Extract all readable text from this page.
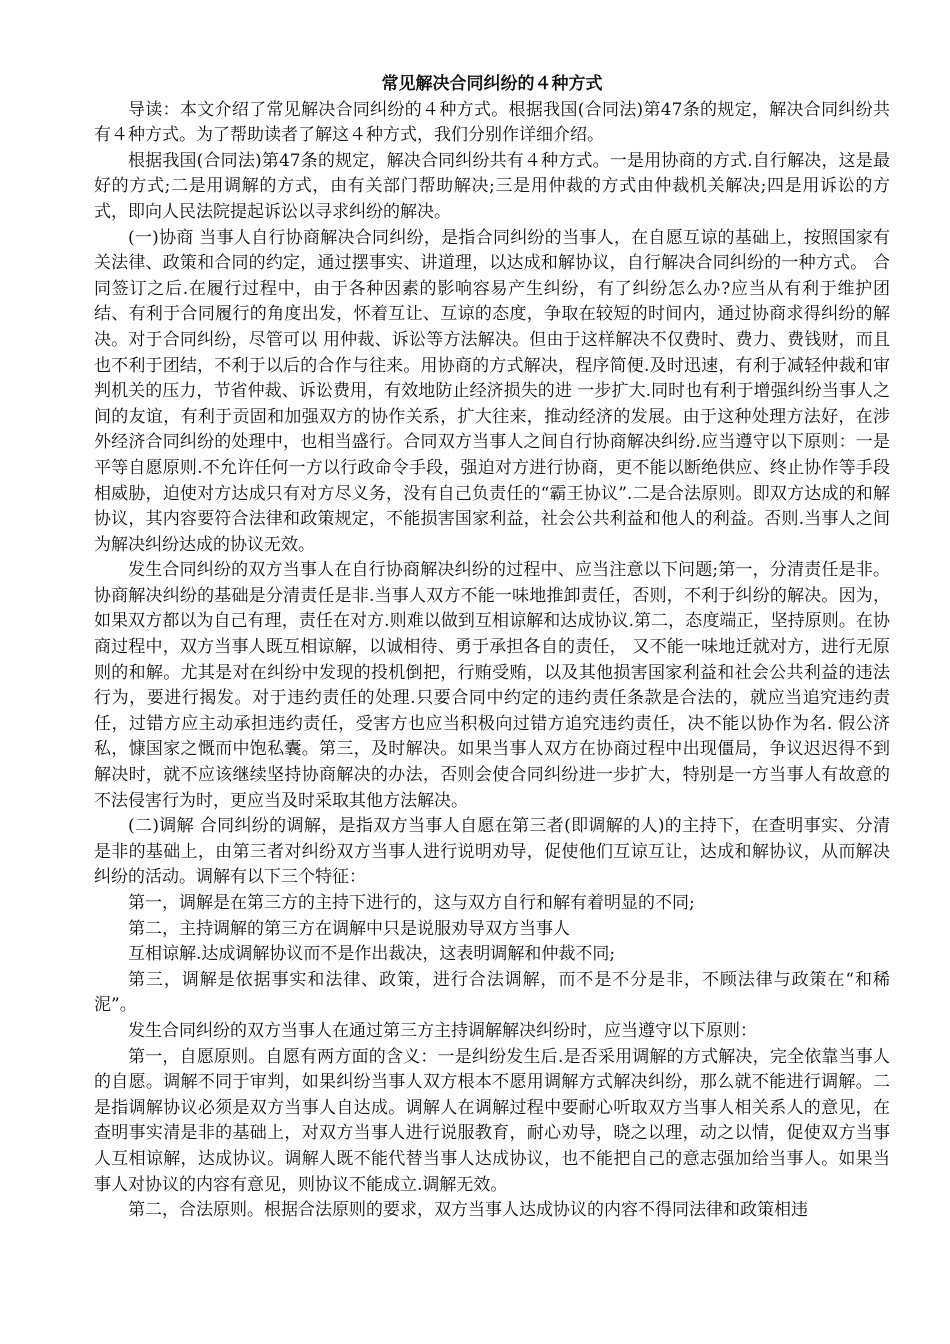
常见解决合同纠纷的４种方式

导读：本文介绍了常见解决合同纠纷的４种方式。根据我国(合同法)第47条的规定，解决合同纠纷共有４种方式。为了帮助读者了解这４种方式，我们分别作详细介绍。

根据我国(合同法)第47条的规定，解决合同纠纷共有４种方式。一是用协商的方式.自行解决，这是最好的方式;二是用调解的方式，由有关部门帮助解决;三是用仲裁的方式由仲裁机关解决;四是用诉讼的方式，即向人民法院提起诉讼以寻求纠纷的解决。

(一)协商 当事人自行协商解决合同纠纷，是指合同纠纷的当事人，在自愿互谅的基础上，按照国家有关法律、政策和合同的约定，通过摆事实、讲道理，以达成和解协议，自行解决合同纠纷的一种方式。 合同签订之后.在履行过程中，由于各种因素的影响容易产生纠纷，有了纠纷怎么办?应当从有利于维护团结、有利于合同履行的角度出发，怀着互让、互谅的态度，争取在较短的时间内，通过协商求得纠纷的解决。对于合同纠纷，尽管可以 用仲裁、诉讼等方法解决。但由于这样解决不仅费时、费力、费钱财，而且也不利于团结，不利于以后的合作与往来。用协商的方式解决，程序简便.及时迅速，有利于减轻仲裁和审判机关的压力，节省仲裁、诉讼费用，有效地防止经济损失的进 一步扩大.同时也有利于增强纠纷当事人之间的友谊，有利于贡固和加强双方的协作关系，扩大往来，推动经济的发展。由于这种处理方法好，在涉外经济合同纠纷的处理中，也相当盛行。合同双方当事人之间自行协商解决纠纷.应当遵守以下原则：一是平等自愿原则.不允许任何一方以行政命令手段，强迫对方进行协商，更不能以断绝供应、终止协作等手段相威胁，迫使对方达成只有对方尽义务，没有自己负责任的“霸王协议”.二是合法原则。即双方达成的和解协议，其内容要符合法律和政策规定，不能损害国家利益，社会公共利益和他人的利益。否则.当事人之间为解决纠纷达成的协议无效。

发生合同纠纷的双方当事人在自行协商解决纠纷的过程中、应当注意以下问题;第一，分清责任是非。协商解决纠纷的基础是分清责任是非.当事人双方不能一味地推卸责任，否则，不利于纠纷的解决。因为，如果双方都以为自己有理，责任在对方.则难以做到互相谅解和达成协议.第二，态度端正，坚持原则。在协商过程中，双方当事人既互相谅解，以诚相待、勇于承担各自的责任， 又不能一味地迁就对方，进行无原则的和解。尤其是对在纠纷中发现的投机倒把，行贿受贿，以及其他损害国家利益和社会公共利益的违法行为，要进行揭发。对于违约责任的处理.只要合同中约定的违约责任条款是合法的，就应当追究违约责任，过错方应主动承担违约责任，受害方也应当积极向过错方追究违约责任，决不能以协作为名. 假公济私，慷国家之慨而中饱私囊。第三，及时解决。如果当事人双方在协商过程中出现僵局，争议迟迟得不到解决时，就不应该继续坚持协商解决的办法，否则会使合同纠纷进一步扩大，特别是一方当事人有故意的不法侵害行为时，更应当及时采取其他方法解决。

(二)调解 合同纠纷的调解，是指双方当事人自愿在第三者(即调解的人)的主持下，在查明事实、分清是非的基础上，由第三者对纠纷双方当事人进行说明劝导，促使他们互谅互让，达成和解协议，从而解决纠纷的活动。调解有以下三个特征：

第一，调解是在第三方的主持下进行的，这与双方自行和解有着明显的不同;

第二，主持调解的第三方在调解中只是说服劝导双方当事人

互相谅解.达成调解协议而不是作出裁决，这表明调解和仲裁不同;

第三，调解是依据事实和法律、政策，进行合法调解，而不是不分是非，不顾法律与政策在“和稀泥”。

发生合同纠纷的双方当事人在通过第三方主持调解解决纠纷时，应当遵守以下原则：

第一，自愿原则。自愿有两方面的含义：一是纠纷发生后.是否采用调解的方式解决，完全依靠当事人的自愿。调解不同于审判，如果纠纷当事人双方根本不愿用调解方式解决纠纷，那么就不能进行调解。二是指调解协议必须是双方当事人自达成。调解人在调解过程中要耐心听取双方当事人相关系人的意见，在查明事实清是非的基础上，对双方当事人进行说服教育，耐心劝导，晓之以理，动之以情，促使双方当事人互相谅解，达成协议。调解人既不能代替当事人达成协议，也不能把自己的意志强加给当事人。如果当事人对协议的内容有意见，则协议不能成立.调解无效。

第二，合法原则。根据合法原则的要求，双方当事人达成协议的内容不得同法律和政策相违
